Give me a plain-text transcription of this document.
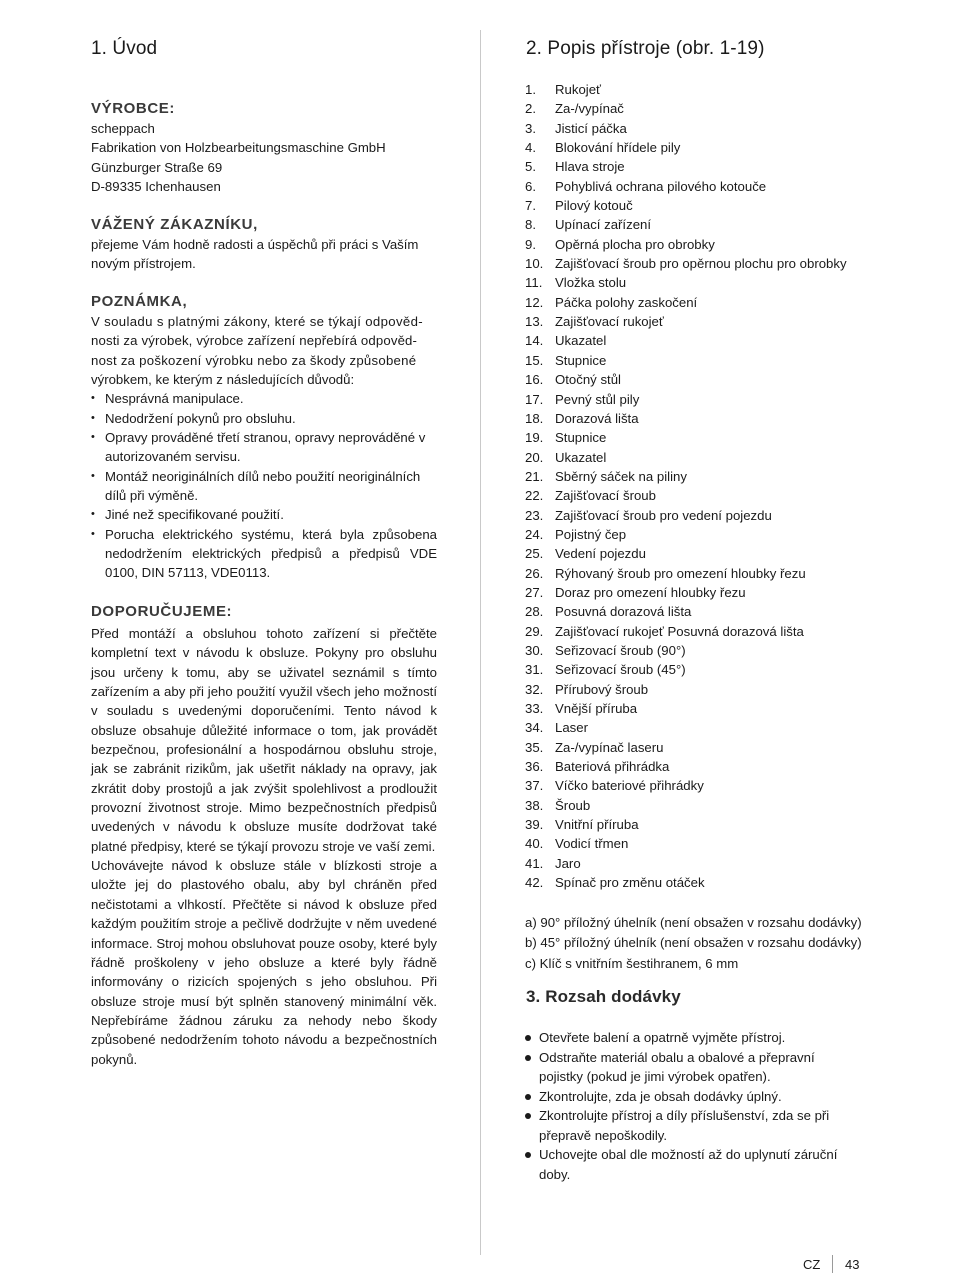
1. Úvod

VÝROBCE:

scheppach

Fabrikation von Holzbearbeitungsmaschine GmbH

Günzburger Straße 69

D-89335 Ichenhausen

VÁŽENÝ ZÁKAZNÍKU,

přejeme Vám hodně radosti a úspěchů při práci s Vaším

novým přístrojem.

POZNÁMKA,

V souladu s platnými zákony, které se týkají odpověd-

nosti za výrobek, výrobce zařízení nepřebírá odpověd-

nost za poškození výrobku nebo za škody způsobené

výrobkem, ke kterým z následujících důvodů:

• Nesprávná manipulace.
• Nedodržení pokynů pro obsluhu.
• Opravy prováděné třetí stranou, opravy neprováděné v autorizovaném servisu.
• Montáž neoriginálních dílů nebo použití neoriginálních dílů při výměně.
• Jiné než specifikované použití.
• Porucha elektrického systému, která byla způsobena nedodržením elektrických předpisů a předpisů VDE 0100, DIN 57113, VDE0113.

DOPORUČUJEME:

Před montáží a obsluhou tohoto zařízení si přečtěte kompletní text v návodu k obsluze. Pokyny pro obsluhu jsou určeny k tomu, aby se uživatel seznámil s tímto zařízením a aby při jeho použití využil všech jeho možností v souladu s uvedenými doporučeními. Tento návod k obsluze obsahuje důležité informace o tom, jak provádět bezpečnou, profesionální a hospodárnou obsluhu stroje, jak se zabránit rizikům, jak ušetřit náklady na opravy, jak zkrátit doby prostojů a jak zvýšit spolehlivost a prodloužit provozní životnost stroje. Mimo bezpečnostních předpisů uvedených v návodu k obsluze musíte dodržovat také platné předpisy, které se týkají provozu stroje ve vaší zemi.

Uchovávejte návod k obsluze stále v blízkosti stroje a uložte jej do plastového obalu, aby byl chráněn před nečistotami a vlhkostí. Přečtěte si návod k obsluze před každým použitím stroje a pečlivě dodržujte v něm uvedené informace. Stroj mohou obsluhovat pouze osoby, které byly řádně proškoleny v jeho obsluze a které byly řádně informovány o rizicích spojených s jeho obsluhou. Při obsluze stroje musí být splněn stanovený minimální věk. Nepřebíráme žádnou záruku za nehody nebo škody způsobené nedodržením tohoto návodu a bezpečnostních pokynů.

2. Popis přístroje (obr. 1-19)
1. Rukojeť
2. Za-/vypínač
3. Jisticí páčka
4. Blokování hřídele pily
5. Hlava stroje
6. Pohyblivá ochrana pilového kotouče
7. Pilový kotouč
8. Upínací zařízení
9. Opěrná plocha pro obrobky
10. Zajišťovací šroub pro opěrnou plochu pro obrobky
11. Vložka stolu
12. Páčka polohy zaskočení
13. Zajišťovací rukojeť
14. Ukazatel
15. Stupnice
16. Otočný stůl
17. Pevný stůl pily
18. Dorazová lišta
19. Stupnice
20. Ukazatel
21. Sběrný sáček na piliny
22. Zajišťovací šroub
23. Zajišťovací šroub pro vedení pojezdu
24. Pojistný čep
25. Vedení pojezdu
26. Rýhovaný šroub pro omezení hloubky řezu
27. Doraz pro omezení hloubky řezu
28. Posuvná dorazová lišta
29. Zajišťovací rukojeť Posuvná dorazová lišta
30. Seřizovací šroub (90°)
31. Seřizovací šroub (45°)
32. Přírubový šroub
33. Vnější příruba
34. Laser
35. Za-/vypínač laseru
36. Bateriová přihrádka
37. Víčko bateriové přihrádky
38. Šroub
39. Vnitřní příruba
40. Vodicí třmen
41. Jaro
42. Spínač pro změnu otáček
a) 90° příložný úhelník (není obsažen v rozsahu dodávky)
b) 45° příložný úhelník (není obsažen v rozsahu dodávky)
c) Klíč s vnitřním šestihranem, 6 mm
3. Rozsah dodávky
Otevřete balení a opatrně vyjměte přístroj.
Odstraňte materiál obalu a obalové a přepravní pojistky (pokud je jimi výrobek opatřen).
Zkontrolujte, zda je obsah dodávky úplný.
Zkontrolujte přístroj a díly příslušenství, zda se při přepravě nepoškodily.
Uchovejte obal dle možností až do uplynutí záruční doby.
CZ 43
